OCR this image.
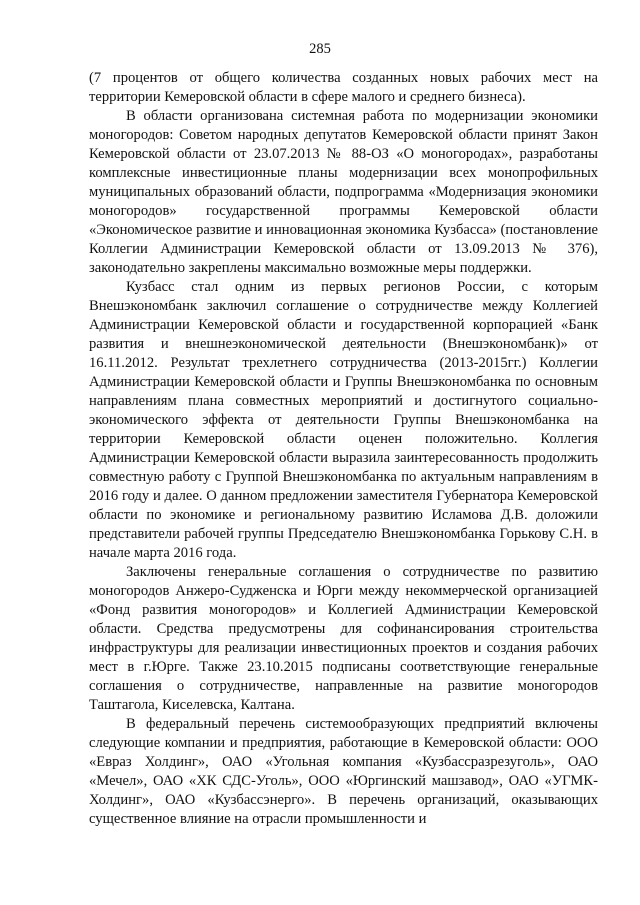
285

(7 процентов от общего количества созданных новых рабочих мест на территории Кемеровской области в сфере малого и среднего бизнеса).

В области организована системная работа по модернизации экономики моногородов: Советом народных депутатов Кемеровской области принят Закон Кемеровской области от 23.07.2013 № 88-ОЗ «О моногородах», разработаны комплексные инвестиционные планы модернизации всех монопрофильных муниципальных образований области, подпрограмма «Модернизация экономики моногородов» государственной программы Кемеровской области «Экономическое развитие и инновационная экономика Кузбасса» (постановление Коллегии Администрации Кемеровской области от 13.09.2013 № 376), законодательно закреплены максимально возможные меры поддержки.

Кузбасс стал одним из первых регионов России, с которым Внешэкономбанк заключил соглашение о сотрудничестве между Коллегией Администрации Кемеровской области и государственной корпорацией «Банк развития и внешнеэкономической деятельности (Внешэкономбанк)» от 16.11.2012. Результат трехлетнего сотрудничества (2013-2015гг.) Коллегии Администрации Кемеровской области и Группы Внешэкономбанка по основным направлениям плана совместных мероприятий и достигнутого социально-экономического эффекта от деятельности Группы Внешэкономбанка на территории Кемеровской области оценен положительно. Коллегия Администрации Кемеровской области выразила заинтересованность продолжить совместную работу с Группой Внешэкономбанка по актуальным направлениям в 2016 году и далее. О данном предложении заместителя Губернатора Кемеровской области по экономике и региональному развитию Исламова Д.В. доложили представители рабочей группы Председателю Внешэкономбанка Горькову С.Н. в начале марта 2016 года.

Заключены генеральные соглашения о сотрудничестве по развитию моногородов Анжеро-Судженска и Юрги между некоммерческой организацией «Фонд развития моногородов» и Коллегией Администрации Кемеровской области. Средства предусмотрены для софинансирования строительства инфраструктуры для реализации инвестиционных проектов и создания рабочих мест в г.Юрге. Также 23.10.2015 подписаны соответствующие генеральные соглашения о сотрудничестве, направленные на развитие моногородов Таштагола, Киселевска, Калтана.

В федеральный перечень системообразующих предприятий включены следующие компании и предприятия, работающие в Кемеровской области: ООО «Евраз Холдинг», ОАО «Угольная компания «Кузбассразрезуголь», ОАО «Мечел», ОАО «ХК СДС-Уголь», ООО «Юргинский машзавод», ОАО «УГМК-Холдинг», ОАО «Кузбассэнерго». В перечень организаций, оказывающих существенное влияние на отрасли промышленности и
